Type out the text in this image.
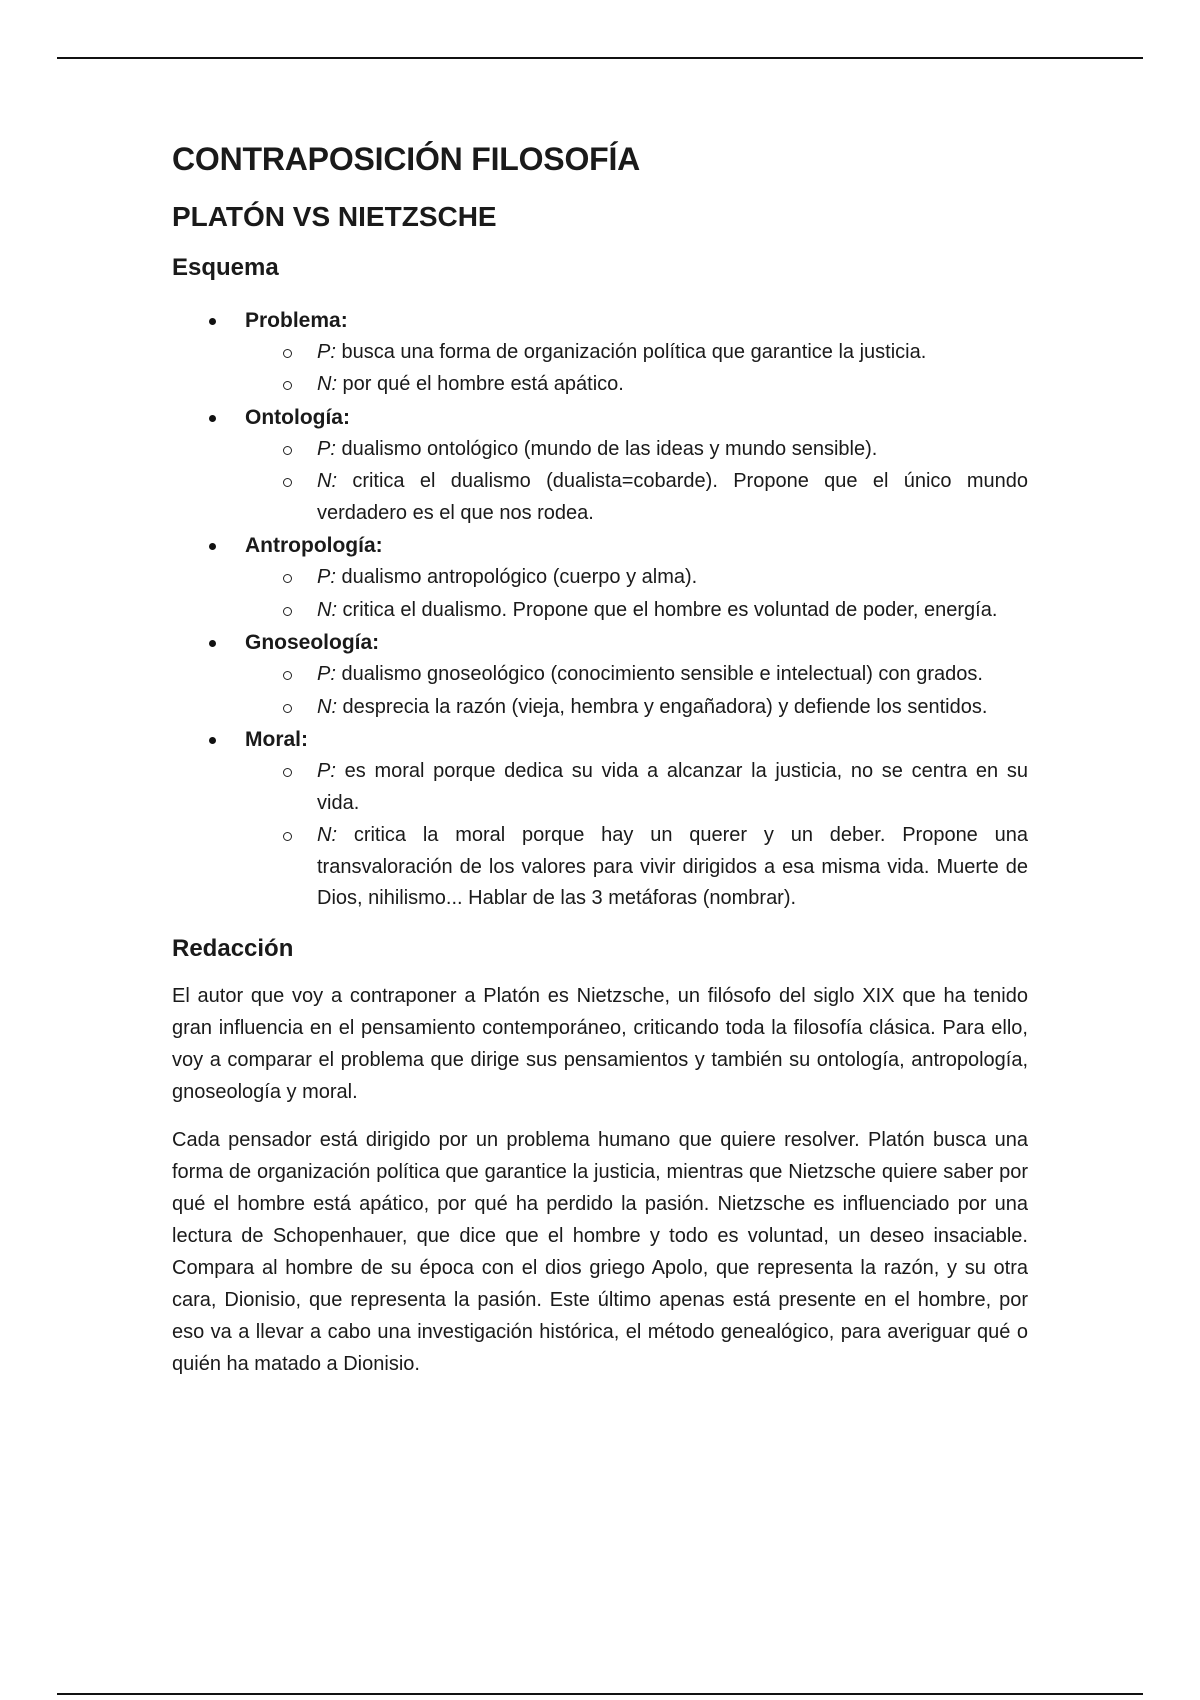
CONTRAPOSICIÓN FILOSOFÍA
PLATÓN VS NIETZSCHE
Esquema
Problema:
P: busca una forma de organización política que garantice la justicia.
N: por qué el hombre está apático.
Ontología:
P: dualismo ontológico (mundo de las ideas y mundo sensible).
N: critica el dualismo (dualista=cobarde). Propone que el único mundo verdadero es el que nos rodea.
Antropología:
P: dualismo antropológico (cuerpo y alma).
N: critica el dualismo. Propone que el hombre es voluntad de poder, energía.
Gnoseología:
P: dualismo gnoseológico (conocimiento sensible e intelectual) con grados.
N: desprecia la razón (vieja, hembra y engañadora) y defiende los sentidos.
Moral:
P: es moral porque dedica su vida a alcanzar la justicia, no se centra en su vida.
N: critica la moral porque hay un querer y un deber. Propone una transvaloración de los valores para vivir dirigidos a esa misma vida. Muerte de Dios, nihilismo... Hablar de las 3 metáforas (nombrar).
Redacción

El autor que voy a contraponer a Platón es Nietzsche, un filósofo del siglo XIX que ha tenido gran influencia en el pensamiento contemporáneo, criticando toda la filosofía clásica. Para ello, voy a comparar el problema que dirige sus pensamientos y también su ontología, antropología, gnoseología y moral.

Cada pensador está dirigido por un problema humano que quiere resolver. Platón busca una forma de organización política que garantice la justicia, mientras que Nietzsche quiere saber por qué el hombre está apático, por qué ha perdido la pasión. Nietzsche es influenciado por una lectura de Schopenhauer, que dice que el hombre y todo es voluntad, un deseo insaciable. Compara al hombre de su época con el dios griego Apolo, que representa la razón, y su otra cara, Dionisio, que representa la pasión. Este último apenas está presente en el hombre, por eso va a llevar a cabo una investigación histórica, el método genealógico, para averiguar qué o quién ha matado a Dionisio.
